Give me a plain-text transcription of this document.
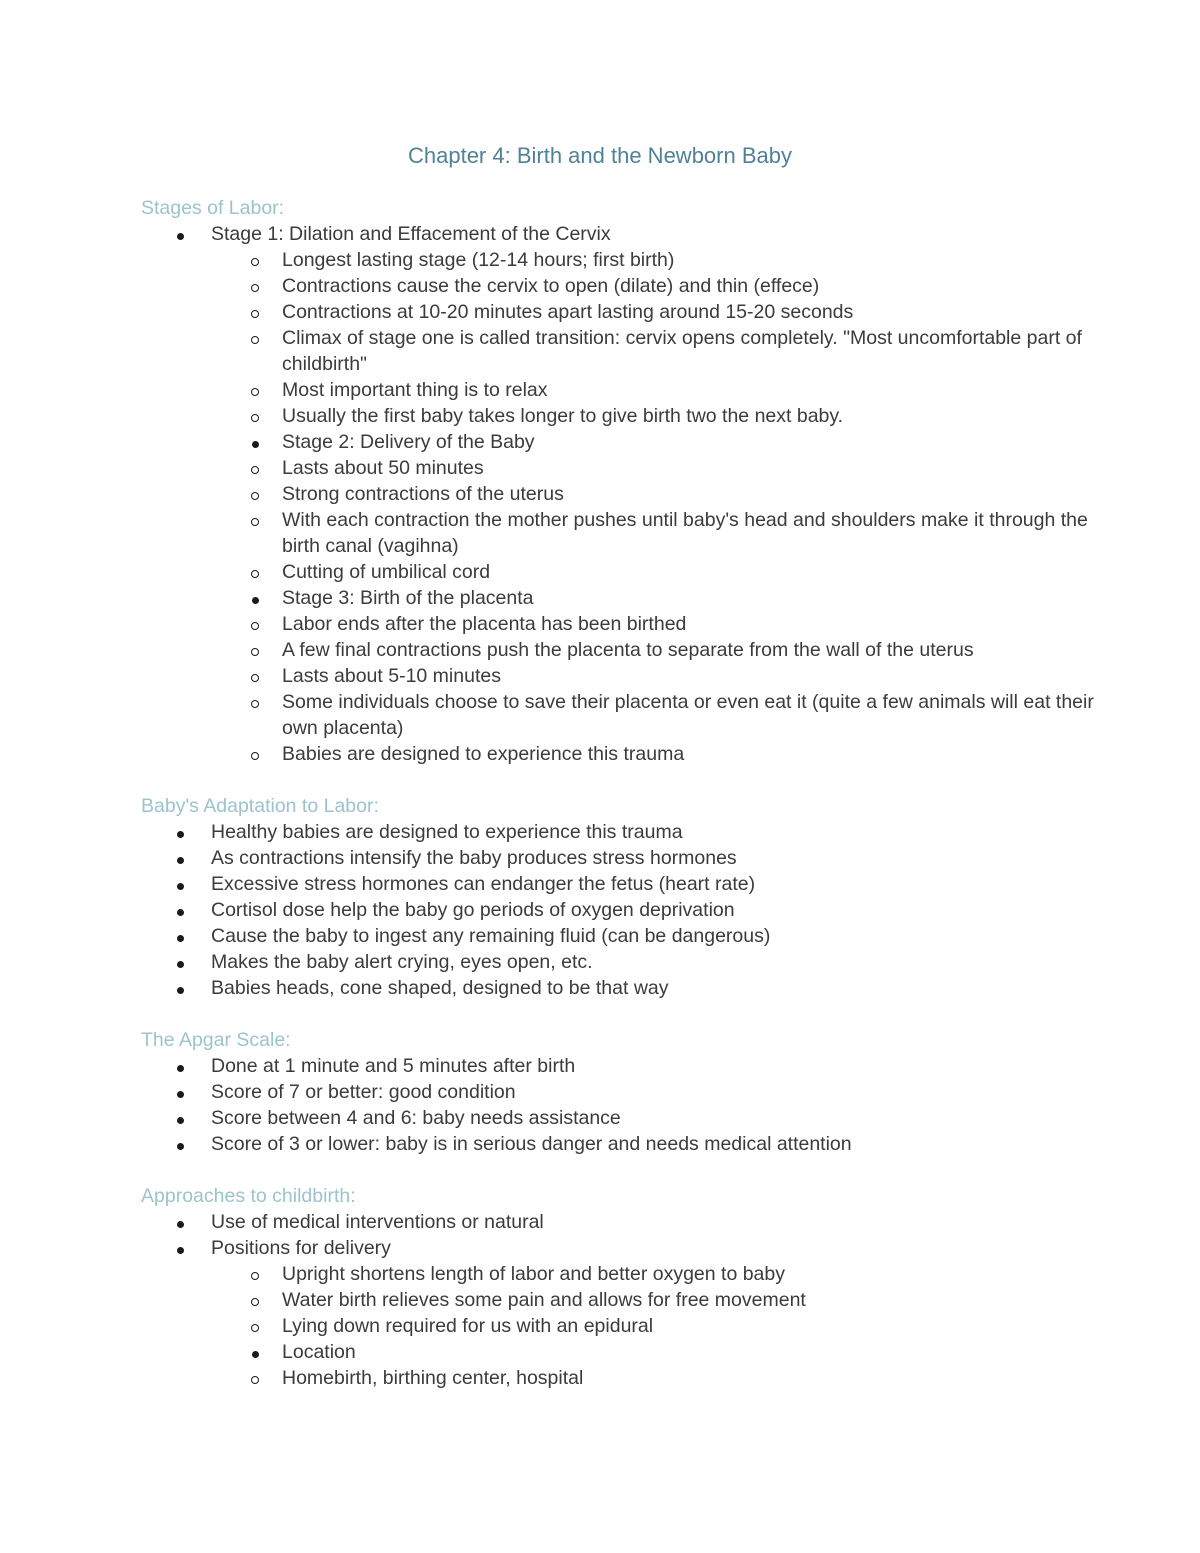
Chapter 4: Birth and the Newborn Baby
Stages of Labor:
Stage 1: Dilation and Effacement of the Cervix
Longest lasting stage (12-14 hours; first birth)
Contractions cause the cervix to open (dilate) and thin (effece)
Contractions at 10-20 minutes apart lasting around 15-20 seconds
Climax of stage one is called transition: cervix opens completely. "Most uncomfortable part of childbirth"
Most important thing is to relax
Usually the first baby takes longer to give birth two the next baby.
Stage 2: Delivery of the Baby
Lasts about 50 minutes
Strong contractions of the uterus
With each contraction the mother pushes until baby's head and shoulders make it through the birth canal (vagihna)
Cutting of umbilical cord
Stage 3: Birth of the placenta
Labor ends after the placenta has been birthed
A few final contractions push the placenta to separate from the wall of the uterus
Lasts about 5-10 minutes
Some individuals choose to save their placenta or even eat it (quite a few animals will eat their own placenta)
Babies are designed to experience this trauma
Baby's Adaptation to Labor:
Healthy babies are designed to experience this trauma
As contractions intensify the baby produces stress hormones
Excessive stress hormones can endanger the fetus (heart rate)
Cortisol dose help the baby go periods of oxygen deprivation
Cause the baby to ingest any remaining fluid (can be dangerous)
Makes the baby alert crying, eyes open, etc.
Babies heads, cone shaped, designed to be that way
The Apgar Scale:
Done at 1 minute and 5 minutes after birth
Score of 7 or better: good condition
Score between 4 and 6: baby needs assistance
Score of 3 or lower: baby is in serious danger and needs medical attention
Approaches to childbirth:
Use of medical interventions or natural
Positions for delivery
Upright shortens length of labor and better oxygen to baby
Water birth relieves some pain and allows for free movement
Lying down required for us with an epidural
Location
Homebirth, birthing center, hospital
